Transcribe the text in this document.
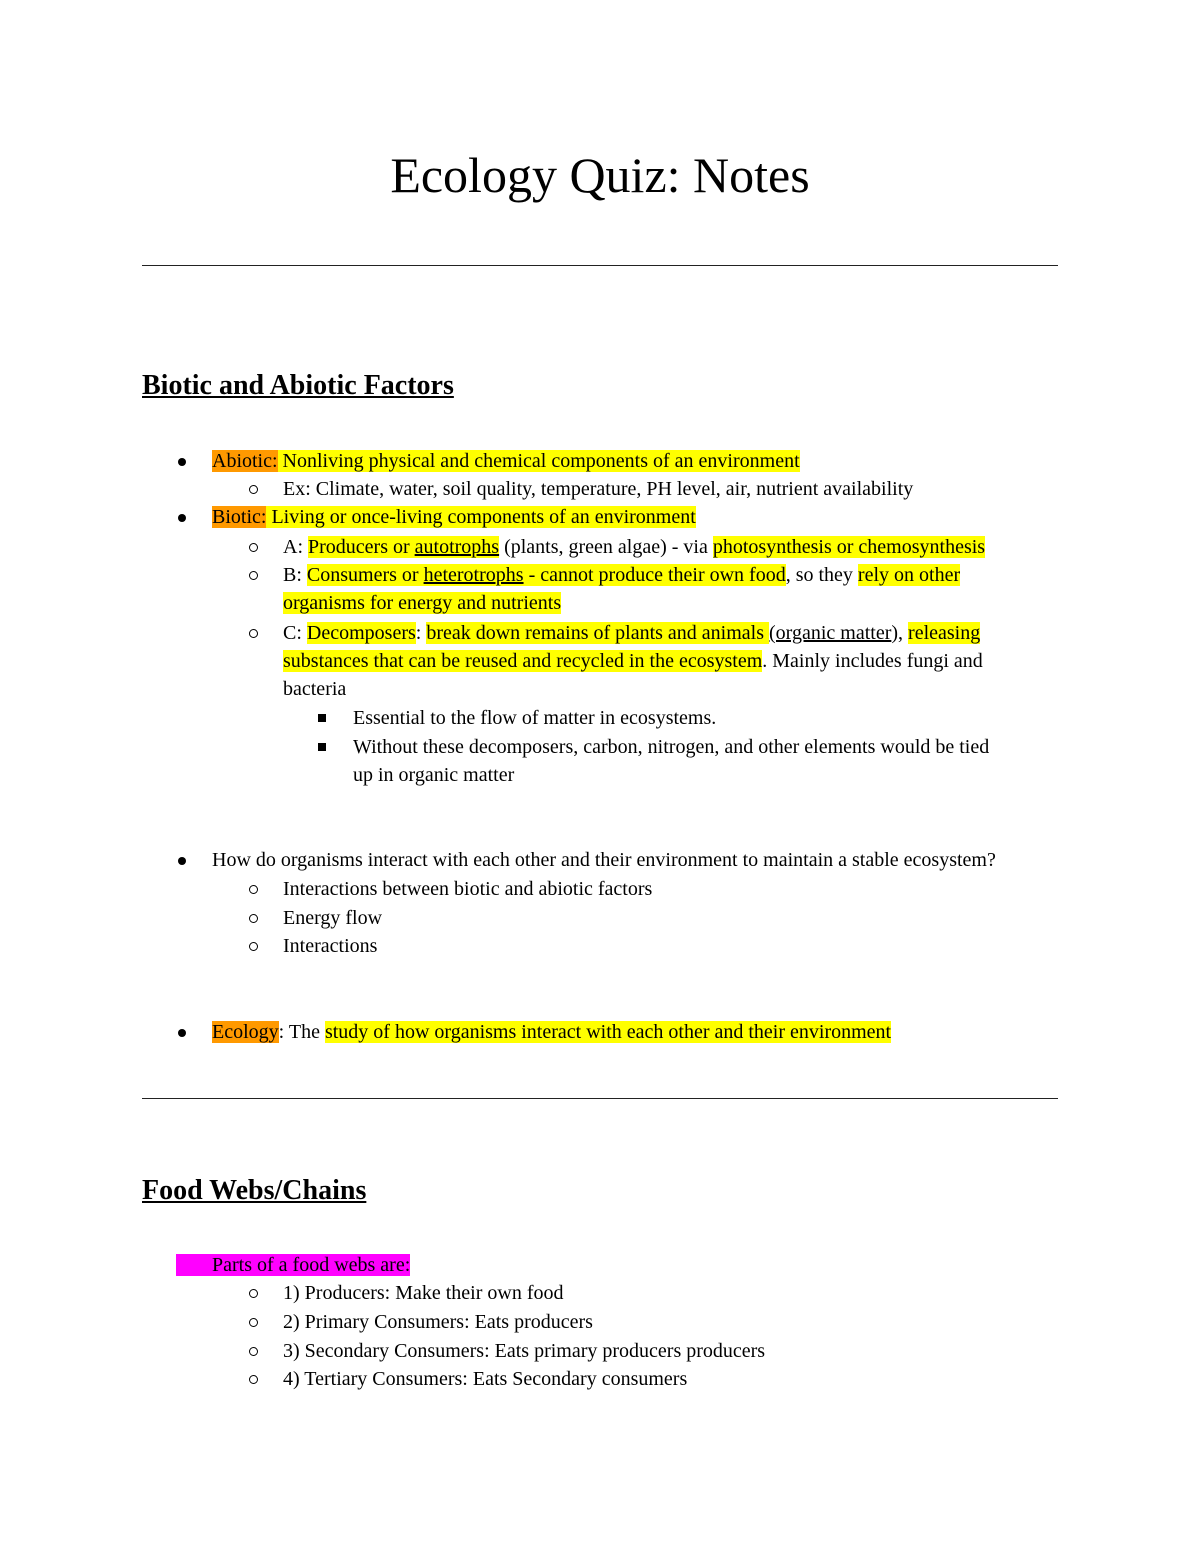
Ecology Quiz: Notes
Biotic and Abiotic Factors
Abiotic: Nonliving physical and chemical components of an environment
Ex: Climate, water, soil quality, temperature, PH level, air, nutrient availability
Biotic: Living or once-living components of an environment
A: Producers or autotrophs (plants, green algae) - via photosynthesis or chemosynthesis
B: Consumers or heterotrophs - cannot produce their own food, so they rely on other
organisms for energy and nutrients
C: Decomposers: break down remains of plants and animals (organic matter), releasing
substances that can be reused and recycled in the ecosystem. Mainly includes fungi and
bacteria
Essential to the flow of matter in ecosystems.
Without these decomposers, carbon, nitrogen, and other elements would be tied
up in organic matter
How do organisms interact with each other and their environment to maintain a stable ecosystem?
Interactions between biotic and abiotic factors
Energy flow
Interactions
Ecology: The study of how organisms interact with each other and their environment
Food Webs/Chains
Parts of a food webs are:
1) Producers: Make their own food
2) Primary Consumers: Eats producers
3) Secondary Consumers: Eats primary producers producers
4) Tertiary Consumers: Eats Secondary consumers
